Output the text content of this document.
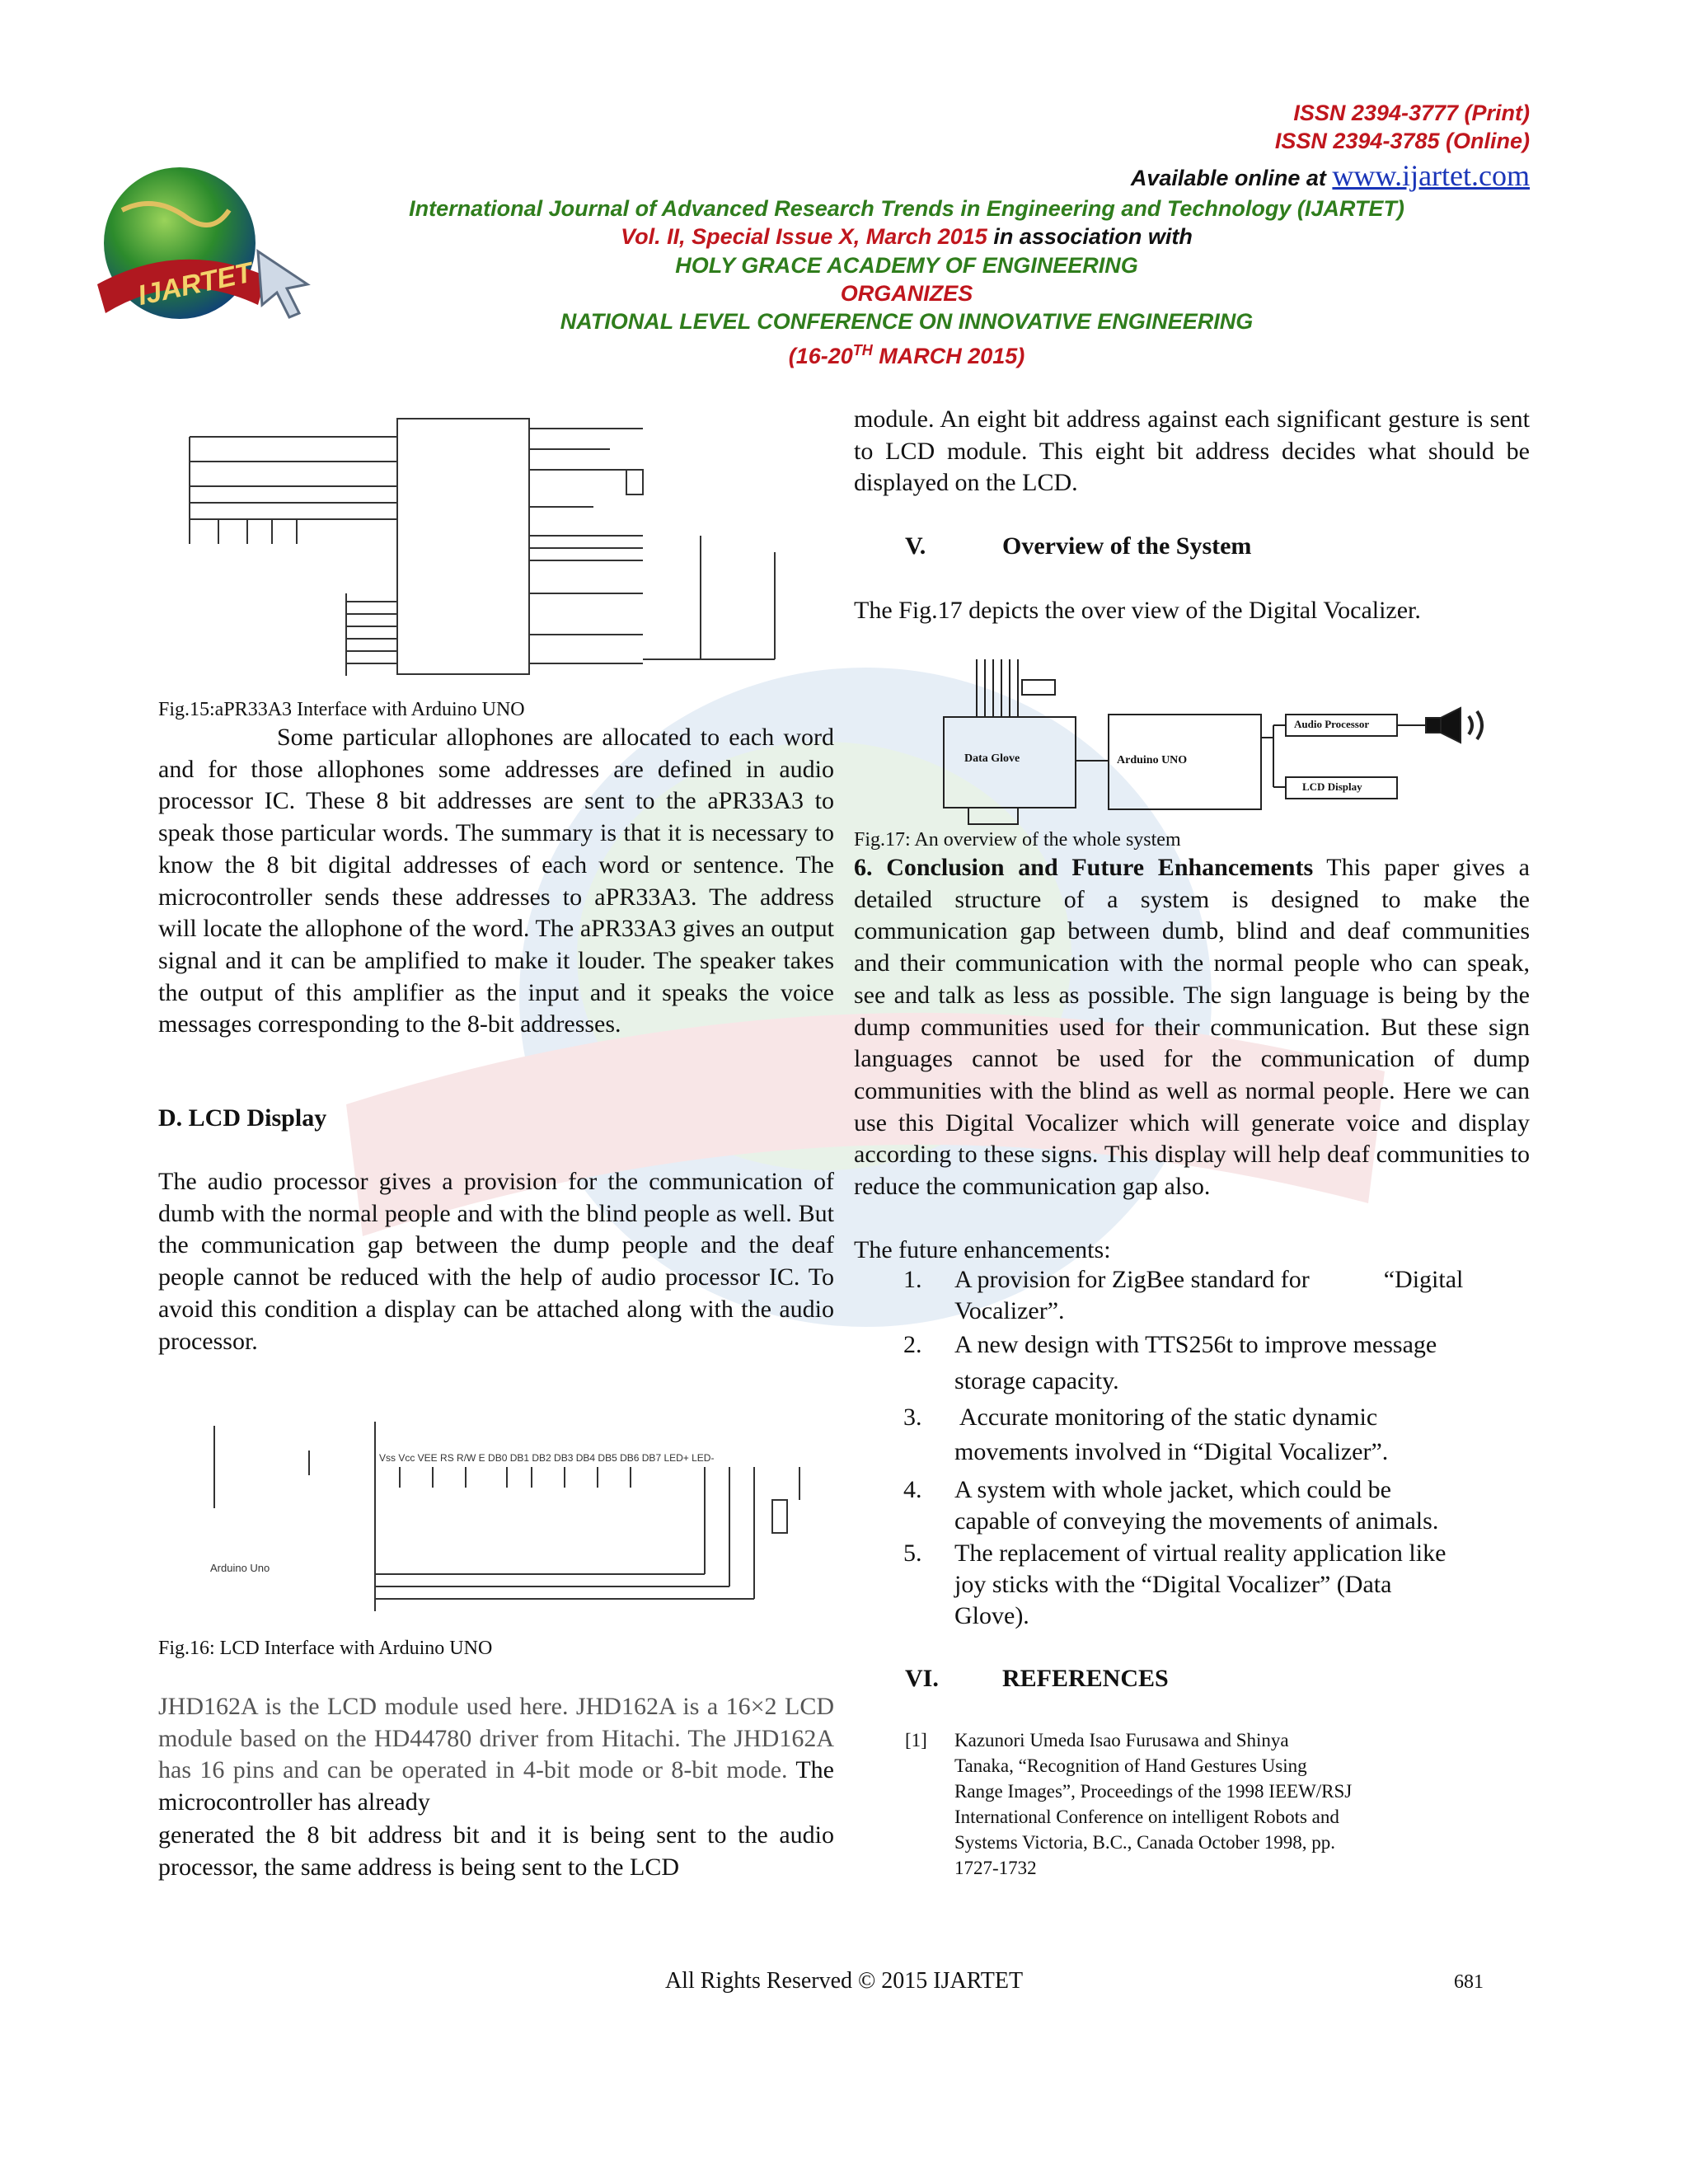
IJARTET
ISSN 2394-3777 (Print)
ISSN 2394-3785 (Online)
Available online at www.ijartet.com
International Journal of Advanced Research Trends in Engineering and Technology (IJARTET)
Vol. II, Special Issue X, March 2015 in association with
HOLY GRACE ACADEMY OF ENGINEERING
ORGANIZES
NATIONAL LEVEL CONFERENCE ON INNOVATIVE ENGINEERING
(16-20TH MARCH 2015)
Fig.15:aPR33A3 Interface with Arduino UNO
Some particular allophones are allocated to each word and for those allophones some addresses are defined in audio processor IC. These 8 bit addresses are sent to the aPR33A3 to speak those particular words. The summary is that it is necessary to know the 8 bit digital addresses of each word or sentence. The microcontroller sends these addresses to aPR33A3. The address will locate the allophone of the word. The aPR33A3 gives an output signal and it can be amplified to make it louder. The speaker takes the output of this amplifier as the input and it speaks the voice messages corresponding to the 8-bit addresses.
D. LCD Display
The audio processor gives a provision for the communication of dumb with the normal people and with the blind people as well. But the communication gap between the dump people and the deaf people cannot be reduced with the help of audio processor IC. To avoid this condition a display can be attached along with the audio processor.
Vss Vcc VEE RS R/W E DB0 DB1 DB2 DB3 DB4 DB5 DB6 DB7 LED+ LED-
Arduino Uno
Fig.16: LCD Interface with Arduino UNO
JHD162A is the LCD module used here. JHD162A is a 16×2 LCD module based on the HD44780 driver from Hitachi. The JHD162A has 16 pins and can be operated in 4-bit mode or 8-bit mode. The microcontroller has already
generated the 8 bit address bit and it is being sent to the audio processor, the same address is being sent to the LCD
module. An eight bit address against each significant gesture is sent to LCD module. This eight bit address decides what should be displayed on the LCD.
V.	Overview of the System
The Fig.17 depicts the over view of the Digital Vocalizer.
Data Glove	Arduino UNO
Audio Processor
LCD Display
Fig.17: An overview of the whole system
6. Conclusion and Future Enhancements This paper gives a detailed structure of a system is designed to make the communication gap between dumb, blind and deaf communities and their communication with the normal people who can speak, see and talk as less as possible. The sign language is being by the dump communities used for their communication. But these sign languages cannot be used for the communication of dump communities with the blind as well as normal people. Here we can use this Digital Vocalizer which will generate voice and display according to these signs. This display will help deaf communities to reduce the communication gap also.
The future enhancements:
1. A provision for ZigBee standard for            “Digital
Vocalizer”.
2. A new design with TTS256t to improve message
storage capacity.
3. Accurate monitoring of the static dynamic
movements involved in “Digital Vocalizer”.
4. A system with whole jacket, which could be
capable of conveying the movements of animals.
5. The replacement of virtual reality application like
joy sticks with the “Digital Vocalizer” (Data
Glove).
VI.	REFERENCES
[1] Kazunori Umeda Isao Furusawa and Shinya
Tanaka, “Recognition of Hand Gestures Using
Range Images”, Proceedings of the 1998 IEEW/RSJ
International Conference on intelligent Robots and
Systems Victoria, B.C., Canada October 1998, pp.
1727-1732
All Rights Reserved © 2015 IJARTET	681
